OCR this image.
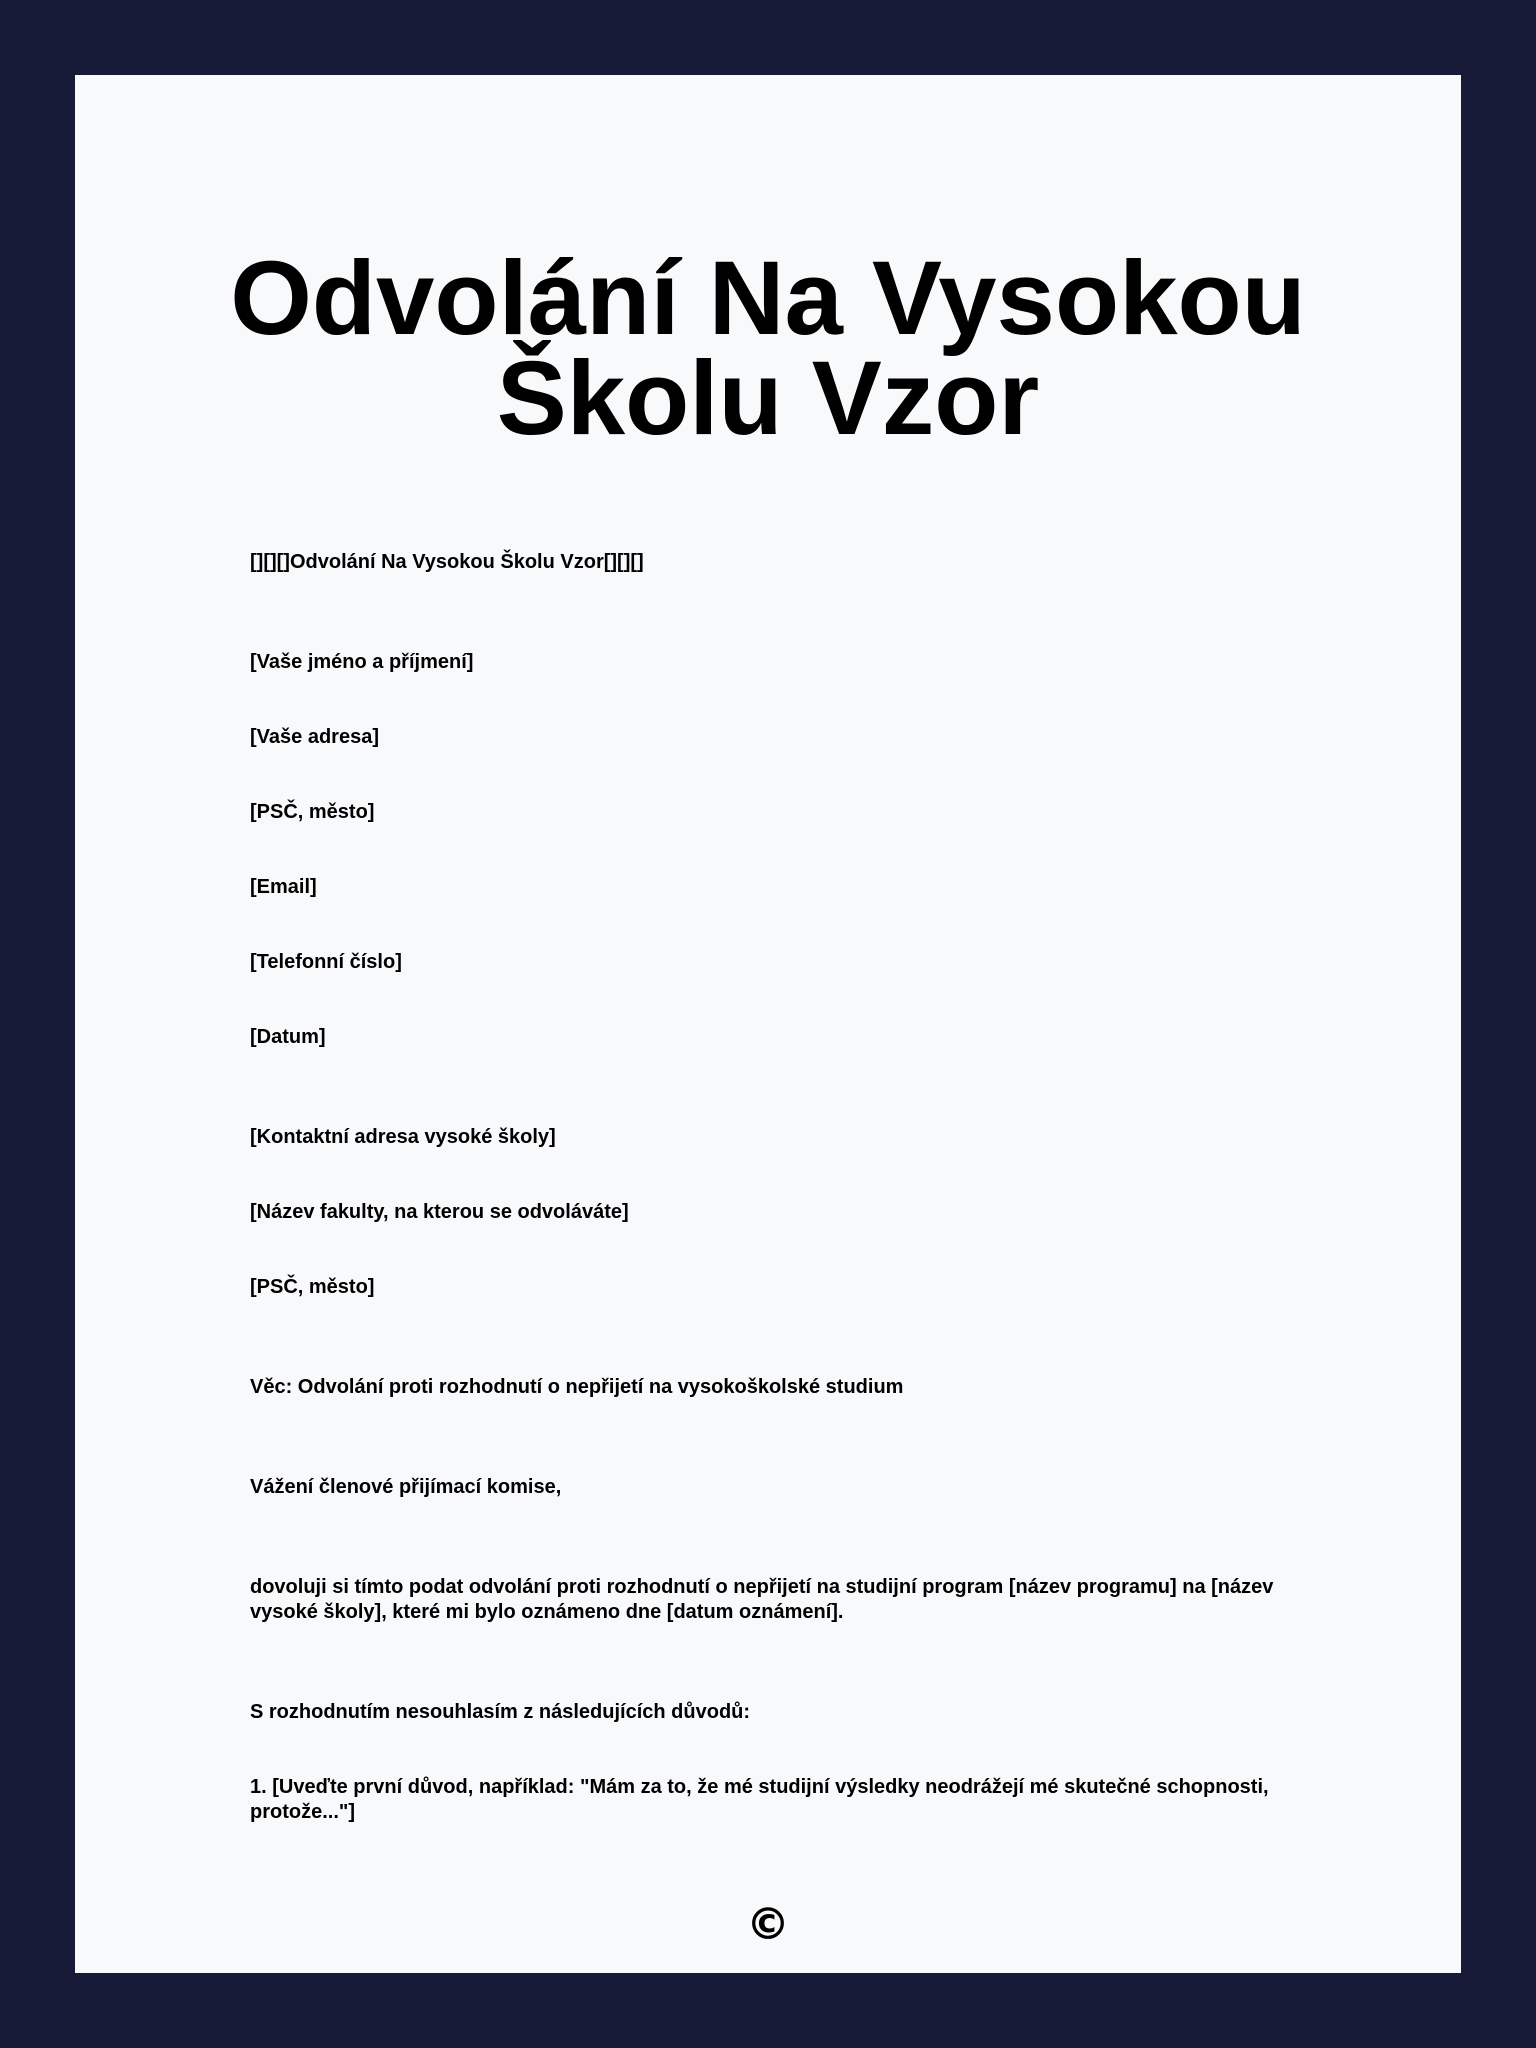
Odvolání Na Vysokou Školu Vzor

[][][]Odvolání Na Vysokou Školu Vzor[][][]

[Vaše jméno a příjmení]

[Vaše adresa]

[PSČ, město]

[Email]

[Telefonní číslo]

[Datum]

[Kontaktní adresa vysoké školy]

[Název fakulty, na kterou se odvoláváte]

[PSČ, město]

Věc: Odvolání proti rozhodnutí o nepřijetí na vysokoškolské studium

Vážení členové přijímací komise,

dovoluji si tímto podat odvolání proti rozhodnutí o nepřijetí na studijní program [název programu] na [název vysoké školy], které mi bylo oznámeno dne [datum oznámení].

S rozhodnutím nesouhlasím z následujících důvodů:

1. [Uveďte první důvod, například: "Mám za to, že mé studijní výsledky neodrážejí mé skutečné schopnosti, protože..."]

©
